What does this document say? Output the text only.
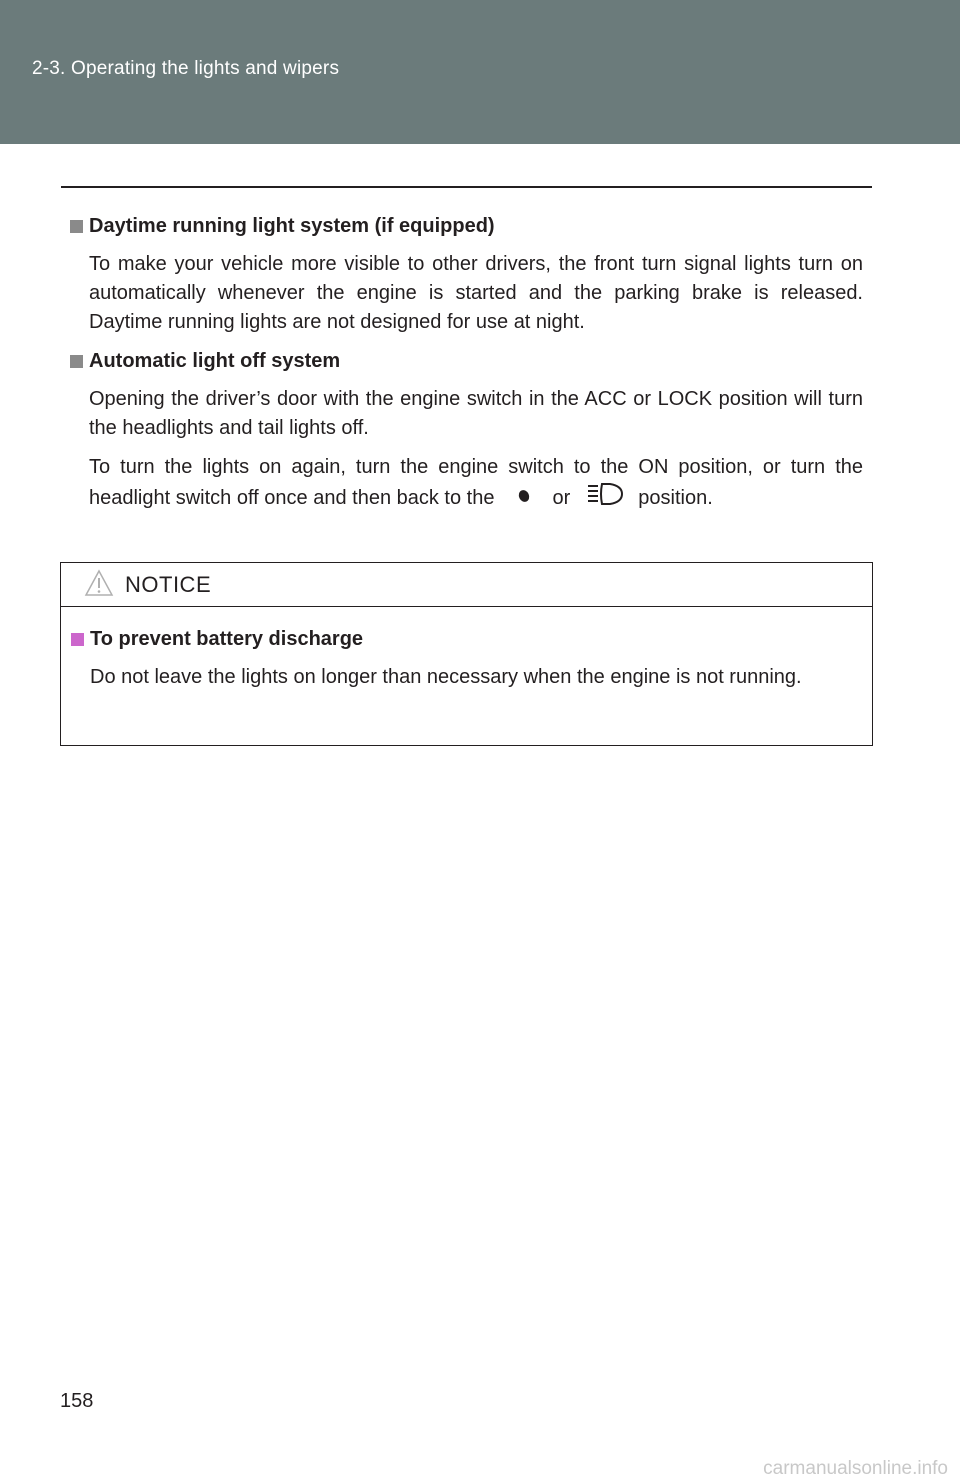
2-3. Operating the lights and wipers
Daytime running light system (if equipped)

To make your vehicle more visible to other drivers, the front turn signal lights turn on automatically whenever the engine is started and the parking brake is released. Daytime running lights are not designed for use at night.

Automatic light off system

Opening the driver’s door with the engine switch in the ACC or LOCK position will turn the headlights and tail lights off.

To turn the lights on again, turn the engine switch to the ON position, or turn the headlight switch off once and then back to the	or	position.

NOTICE
To prevent battery discharge

Do not leave the lights on longer than necessary when the engine is not running.

158
carmanualsonline.info
